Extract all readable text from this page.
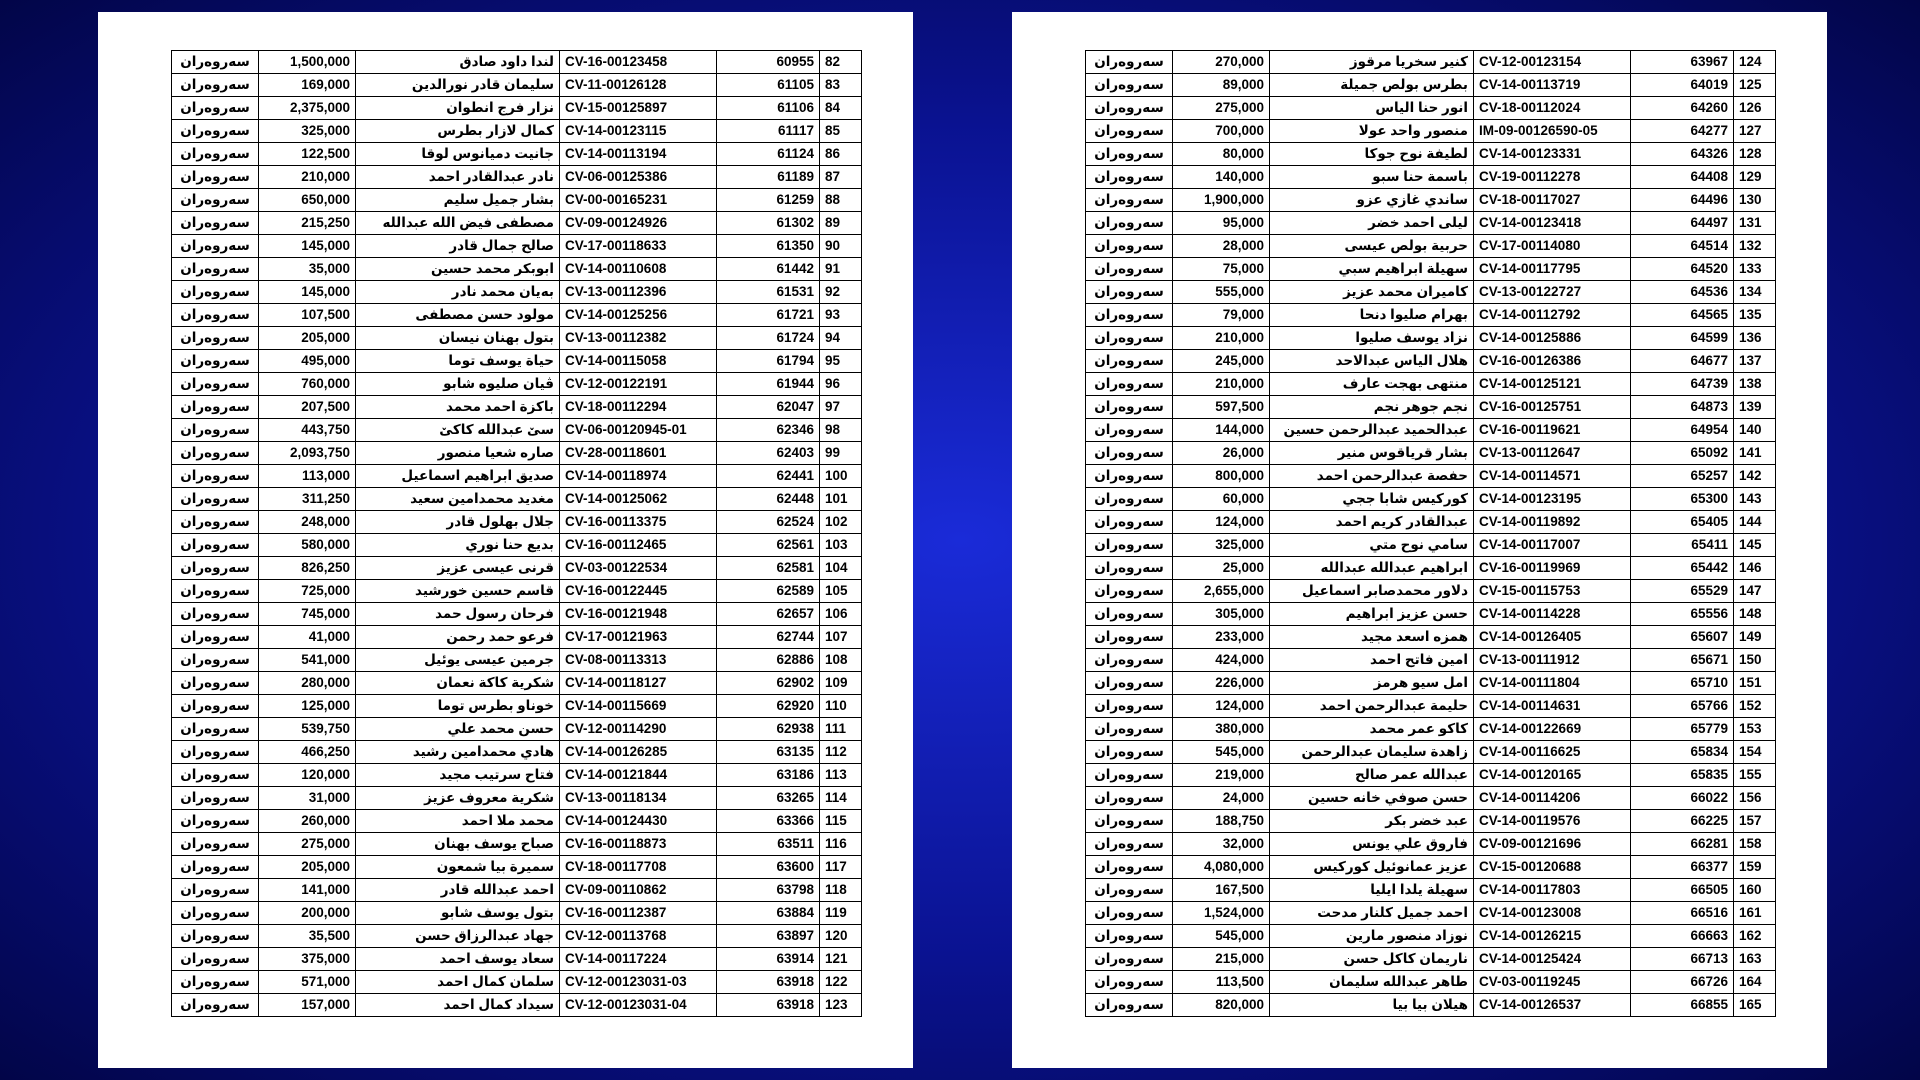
سەروەران	1,500,000	لندا داود صادق	CV-16-00123458	60955	82
سەروەران	169,000	سليمان قادر نورالدين	CV-11-00126128	61105	83
سەروەران	2,375,000	نزار فرج انطوان	CV-15-00125897	61106	84
سەروەران	325,000	كمال لازار بطرس	CV-14-00123115	61117	85
سەروەران	122,500	جانيت دميانوس لوقا	CV-14-00113194	61124	86
سەروەران	210,000	نادر عبدالقادر احمد	CV-06-00125386	61189	87
سەروەران	650,000	بشار جميل سليم	CV-00-00165231	61259	88
سەروەران	215,250	مصطفى فيض الله عبدالله	CV-09-00124926	61302	89
سەروەران	145,000	صالح جمال قادر	CV-17-00118633	61350	90
سەروەران	35,000	ابوبكر محمد حسين	CV-14-00110608	61442	91
سەروەران	145,000	بەيان محمد نادر	CV-13-00112396	61531	92
سەروەران	107,500	مولود حسن مصطفى	CV-14-00125256	61721	93
سەروەران	205,000	بتول بهنان نيسان	CV-13-00112382	61724	94
سەروەران	495,000	حياة يوسف توما	CV-14-00115058	61794	95
سەروەران	760,000	ڤيان صليوه شابو	CV-12-00122191	61944	96
سەروەران	207,500	باكزة احمد محمد	CV-18-00112294	62047	97
سەروەران	443,750	سێ عبدالله كاكێ	CV-06-00120945-01	62346	98
سەروەران	2,093,750	صاره شعيا منصور	CV-28-00118601	62403	99
سەروەران	113,000	صديق ابراهيم اسماعيل	CV-14-00118974	62441	100
سەروەران	311,250	مغديد محمدامين سعيد	CV-14-00125062	62448	101
سەروەران	248,000	جلال بهلول قادر	CV-16-00113375	62524	102
سەروەران	580,000	بديع حنا نوري	CV-16-00112465	62561	103
سەروەران	826,250	قرنی عيسى عزيز	CV-03-00122534	62581	104
سەروەران	725,000	قاسم حسين خورشيد	CV-16-00122445	62589	105
سەروەران	745,000	فرحان رسول حمد	CV-16-00121948	62657	106
سەروەران	41,000	فرعو حمد رحمن	CV-17-00121963	62744	107
سەروەران	541,000	جرمين عيسى يوئيل	CV-08-00113313	62886	108
سەروەران	280,000	شكرية كاكة نعمان	CV-14-00118127	62902	109
سەروەران	125,000	خوناو بطرس توما	CV-14-00115669	62920	110
سەروەران	539,750	حسن محمد علي	CV-12-00114290	62938	111
سەروەران	466,250	هادي محمدامين رشيد	CV-14-00126285	63135	112
سەروەران	120,000	فتاح سرتيب مجيد	CV-14-00121844	63186	113
سەروەران	31,000	شكرية معروف عزيز	CV-13-00118134	63265	114
سەروەران	260,000	محمد ملا احمد	CV-14-00124430	63366	115
سەروەران	275,000	صباح يوسف بهنان	CV-16-00118873	63511	116
سەروەران	205,000	سميرة بيا شمعون	CV-18-00117708	63600	117
سەروەران	141,000	احمد عبدالله قادر	CV-09-00110862	63798	118
سەروەران	200,000	بتول يوسف شابو	CV-16-00112387	63884	119
سەروەران	35,500	جهاد عبدالرزاق حسن	CV-12-00113768	63897	120
سەروەران	375,000	سعاد يوسف احمد	CV-14-00117224	63914	121
سەروەران	571,000	سلمان كمال احمد	CV-12-00123031-03	63918	122
سەروەران	157,000	سيداد كمال احمد	CV-12-00123031-04	63918	123
سەروەران	270,000	كنير سخريا مرقوز	CV-12-00123154	63967	124
سەروەران	89,000	بطرس بولص جميلة	CV-14-00113719	64019	125
سەروەران	275,000	انور حنا الياس	CV-18-00112024	64260	126
سەروەران	700,000	منصور واحد عولا	IM-09-00126590-05	64277	127
سەروەران	80,000	لطيفة نوح جوكا	CV-14-00123331	64326	128
سەروەران	140,000	باسمة حنا سبو	CV-19-00112278	64408	129
سەروەران	1,900,000	ساندي غازي عزو	CV-18-00117027	64496	130
سەروەران	95,000	ليلى احمد خضر	CV-14-00123418	64497	131
سەروەران	28,000	حربية بولص عيسى	CV-17-00114080	64514	132
سەروەران	75,000	سهيلة ابراهيم سبي	CV-14-00117795	64520	133
سەروەران	555,000	كاميران محمد عزيز	CV-13-00122727	64536	134
سەروەران	79,000	بهرام صليوا دنحا	CV-14-00112792	64565	135
سەروەران	210,000	نزاد يوسف صليوا	CV-14-00125886	64599	136
سەروەران	245,000	هلال الياس عبدالاحد	CV-16-00126386	64677	137
سەروەران	210,000	منتهى بهجت عارف	CV-14-00125121	64739	138
سەروەران	597,500	نجم جوهر نجم	CV-16-00125751	64873	139
سەروەران	144,000	عبدالحميد عبدالرحمن حسين	CV-16-00119621	64954	140
سەروەران	26,000	بشار قرياقوس منير	CV-13-00112647	65092	141
سەروەران	800,000	حفصة عبدالرحمن احمد	CV-14-00114571	65257	142
سەروەران	60,000	كوركيس شابا ججي	CV-14-00123195	65300	143
سەروەران	124,000	عبدالقادر كريم احمد	CV-14-00119892	65405	144
سەروەران	325,000	سامي نوح متي	CV-14-00117007	65411	145
سەروەران	25,000	ابراهيم عبدالله عبدالله	CV-16-00119969	65442	146
سەروەران	2,655,000	دلاور محمدصابر اسماعيل	CV-15-00115753	65529	147
سەروەران	305,000	حسن عزيز ابراهيم	CV-14-00114228	65556	148
سەروەران	233,000	همزه اسعد مجيد	CV-14-00126405	65607	149
سەروەران	424,000	امين فاتح احمد	CV-13-00111912	65671	150
سەروەران	226,000	امل سيو هرمز	CV-14-00111804	65710	151
سەروەران	124,000	حليمة عبدالرحمن احمد	CV-14-00114631	65766	152
سەروەران	380,000	كاكو عمر محمد	CV-14-00122669	65779	153
سەروەران	545,000	زاهدة سليمان عبدالرحمن	CV-14-00116625	65834	154
سەروەران	219,000	عبدالله عمر صالح	CV-14-00120165	65835	155
سەروەران	24,000	حسن صوفي خانه حسين	CV-14-00114206	66022	156
سەروەران	188,750	عبد خضر بكر	CV-14-00119576	66225	157
سەروەران	32,000	فاروق علي يونس	CV-09-00121696	66281	158
سەروەران	4,080,000	عزيز عمانوئيل كوركيس	CV-15-00120688	66377	159
سەروەران	167,500	سهيلة يلدا ايليا	CV-14-00117803	66505	160
سەروەران	1,524,000	احمد جميل كلنار مدحت	CV-14-00123008	66516	161
سەروەران	545,000	نوزاد منصور مارين	CV-14-00126215	66663	162
سەروەران	215,000	ناريمان كاكل حسن	CV-14-00125424	66713	163
سەروەران	113,500	طاهر عبدالله سليمان	CV-03-00119245	66726	164
سەروەران	820,000	هيلان بيا بيا	CV-14-00126537	66855	165
